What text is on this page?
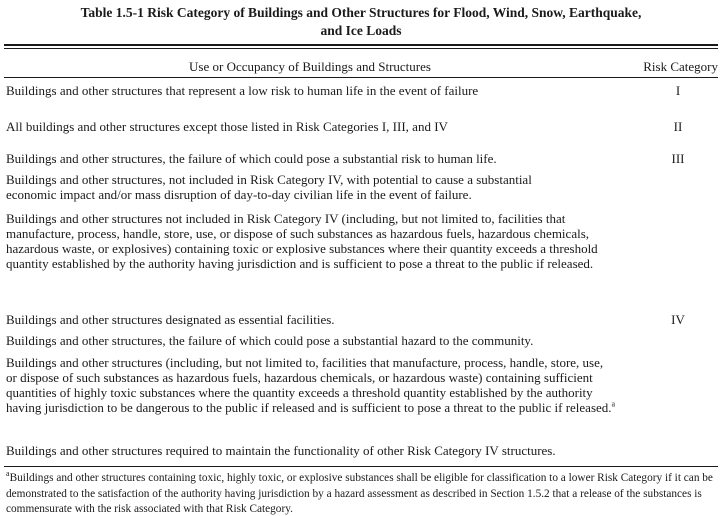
Table 1.5-1 Risk Category of Buildings and Other Structures for Flood, Wind, Snow, Earthquake,
and Ice Loads
Use or Occupancy of Buildings and Structures	Risk Category
Buildings and other structures that represent a low risk to human life in the event of failure	I
All buildings and other structures except those listed in Risk Categories I, III, and IV	II
Buildings and other structures, the failure of which could pose a substantial risk to human life.	III
Buildings and other structures, not included in Risk Category IV, with potential to cause a substantial economic impact and/or mass disruption of day-to-day civilian life in the event of failure.
Buildings and other structures not included in Risk Category IV (including, but not limited to, facilities that manufacture, process, handle, store, use, or dispose of such substances as hazardous fuels, hazardous chemicals, hazardous waste, or explosives) containing toxic or explosive substances where their quantity exceeds a threshold quantity established by the authority having jurisdiction and is sufficient to pose a threat to the public if released.
Buildings and other structures designated as essential facilities.	IV
Buildings and other structures, the failure of which could pose a substantial hazard to the community.
Buildings and other structures (including, but not limited to, facilities that manufacture, process, handle, store, use, or dispose of such substances as hazardous fuels, hazardous chemicals, or hazardous waste) containing sufficient quantities of highly toxic substances where the quantity exceeds a threshold quantity established by the authority having jurisdiction to be dangerous to the public if released and is sufficient to pose a threat to the public if released.$^a$
Buildings and other structures required to maintain the functionality of other Risk Category IV structures.
$^a$Buildings and other structures containing toxic, highly toxic, or explosive substances shall be eligible for classification to a lower Risk Category if it can be demonstrated to the satisfaction of the authority having jurisdiction by a hazard assessment as described in Section 1.5.2 that a release of the substances is commensurate with the risk associated with that Risk Category.
